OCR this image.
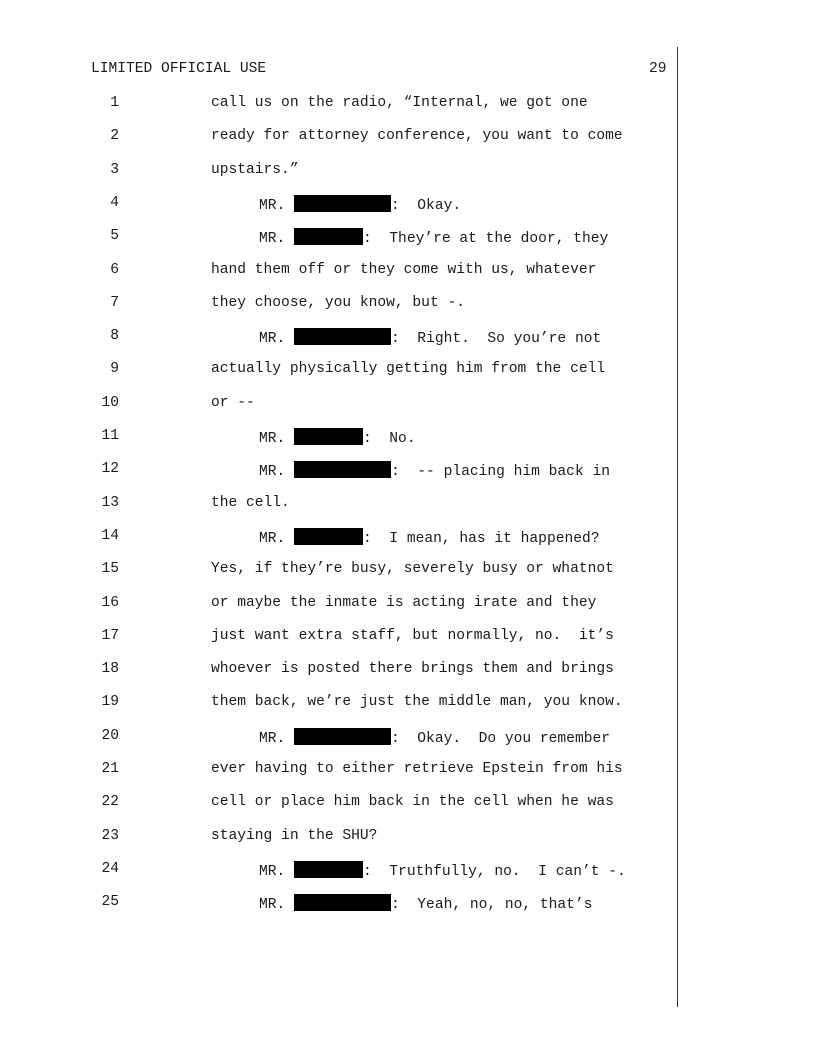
LIMITED OFFICIAL USE	29
1	call us on the radio, “Internal, we got one
2	ready for attorney conference, you want to come
3	upstairs.”
4	MR.	:  Okay.
5	MR.	:  They’re at the door, they
6	hand them off or they come with us, whatever
7	they choose, you know, but -.
8	MR.	:  Right.  So you’re not
9	actually physically getting him from the cell
10	or --
11	MR.	:  No.
12	MR.	:  -- placing him back in
13	the cell.
14	MR.	:  I mean, has it happened?
15	Yes, if they’re busy, severely busy or whatnot
16	or maybe the inmate is acting irate and they
17	just want extra staff, but normally, no.  it’s
18	whoever is posted there brings them and brings
19	them back, we’re just the middle man, you know.
20	MR.	:  Okay.  Do you remember
21	ever having to either retrieve Epstein from his
22	cell or place him back in the cell when he was
23	staying in the SHU?
24	MR.	:  Truthfully, no.  I can’t -.
25	MR.	:  Yeah, no, no, that’s
